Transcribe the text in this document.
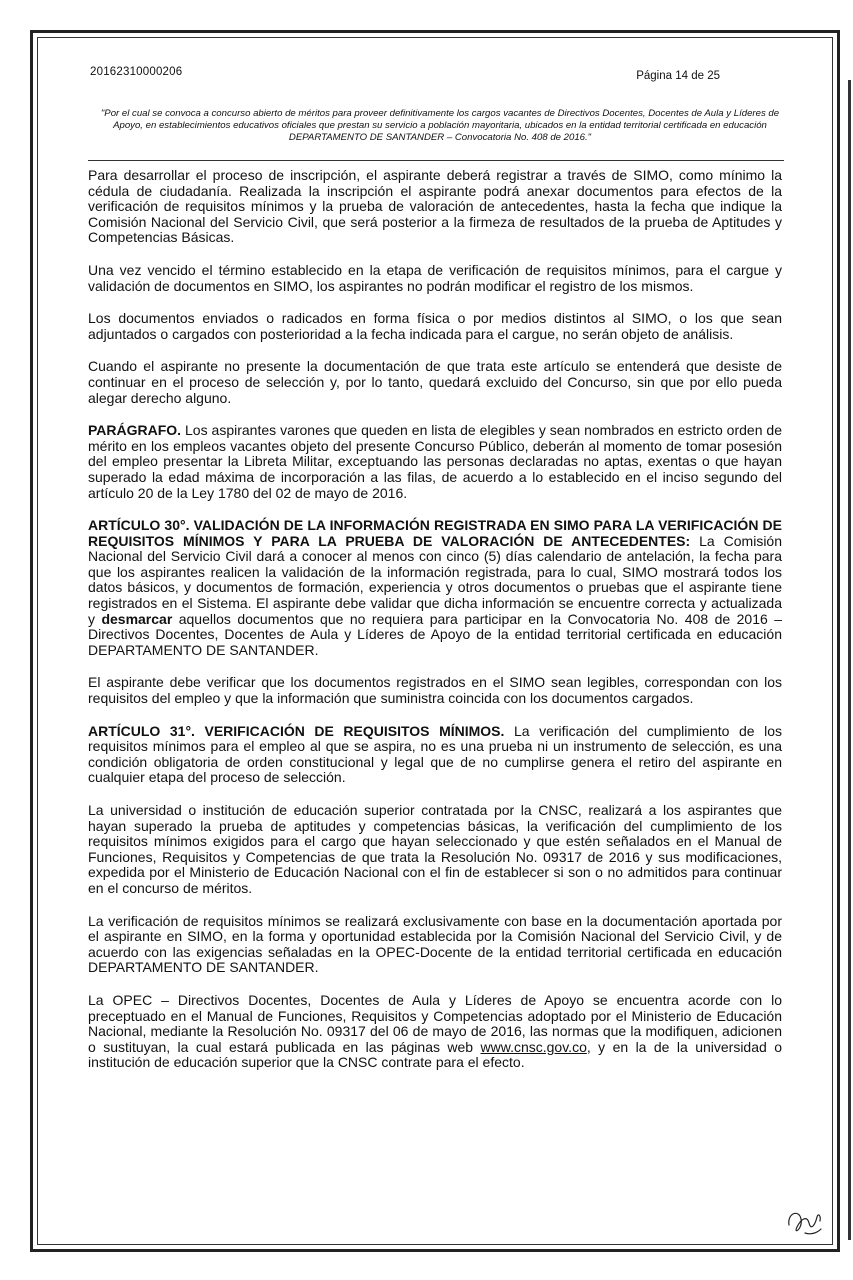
20162310000206	Página 14 de 25
"Por el cual se convoca a concurso abierto de méritos para proveer definitivamente los cargos vacantes de Directivos Docentes, Docentes de Aula y Líderes de Apoyo, en establecimientos educativos oficiales que prestan su servicio a población mayoritaria, ubicados en la entidad territorial certificada en educación DEPARTAMENTO DE SANTANDER – Convocatoria No. 408 de 2016."

Para desarrollar el proceso de inscripción, el aspirante deberá registrar a través de SIMO, como mínimo la cédula de ciudadanía. Realizada la inscripción el aspirante podrá anexar documentos para efectos de la verificación de requisitos mínimos y la prueba de valoración de antecedentes, hasta la fecha que indique la Comisión Nacional del Servicio Civil, que será posterior a la firmeza de resultados de la prueba de Aptitudes y Competencias Básicas.

Una vez vencido el término establecido en la etapa de verificación de requisitos mínimos, para el cargue y validación de documentos en SIMO, los aspirantes no podrán modificar el registro de los mismos.

Los documentos enviados o radicados en forma física o por medios distintos al SIMO, o los que sean adjuntados o cargados con posterioridad a la fecha indicada para el cargue, no serán objeto de análisis.

Cuando el aspirante no presente la documentación de que trata este artículo se entenderá que desiste de continuar en el proceso de selección y, por lo tanto, quedará excluido del Concurso, sin que por ello pueda alegar derecho alguno.

PARÁGRAFO. Los aspirantes varones que queden en lista de elegibles y sean nombrados en estricto orden de mérito en los empleos vacantes objeto del presente Concurso Público, deberán al momento de tomar posesión del empleo presentar la Libreta Militar, exceptuando las personas declaradas no aptas, exentas o que hayan superado la edad máxima de incorporación a las filas, de acuerdo a lo establecido en el inciso segundo del artículo 20 de la Ley 1780 del 02 de mayo de 2016.

ARTÍCULO 30°. VALIDACIÓN DE LA INFORMACIÓN REGISTRADA EN SIMO PARA LA VERIFICACIÓN DE REQUISITOS MÍNIMOS Y PARA LA PRUEBA DE VALORACIÓN DE ANTECEDENTES: La Comisión Nacional del Servicio Civil dará a conocer al menos con cinco (5) días calendario de antelación, la fecha para que los aspirantes realicen la validación de la información registrada, para lo cual, SIMO mostrará todos los datos básicos, y documentos de formación, experiencia y otros documentos o pruebas que el aspirante tiene registrados en el Sistema. El aspirante debe validar que dicha información se encuentre correcta y actualizada y desmarcar aquellos documentos que no requiera para participar en la Convocatoria No. 408 de 2016 – Directivos Docentes, Docentes de Aula y Líderes de Apoyo de la entidad territorial certificada en educación DEPARTAMENTO DE SANTANDER.

El aspirante debe verificar que los documentos registrados en el SIMO sean legibles, correspondan con los requisitos del empleo y que la información que suministra coincida con los documentos cargados.

ARTÍCULO 31°. VERIFICACIÓN DE REQUISITOS MÍNIMOS. La verificación del cumplimiento de los requisitos mínimos para el empleo al que se aspira, no es una prueba ni un instrumento de selección, es una condición obligatoria de orden constitucional y legal que de no cumplirse genera el retiro del aspirante en cualquier etapa del proceso de selección.

La universidad o institución de educación superior contratada por la CNSC, realizará a los aspirantes que hayan superado la prueba de aptitudes y competencias básicas, la verificación del cumplimiento de los requisitos mínimos exigidos para el cargo que hayan seleccionado y que estén señalados en el Manual de Funciones, Requisitos y Competencias de que trata la Resolución No. 09317 de 2016 y sus modificaciones, expedida por el Ministerio de Educación Nacional con el fin de establecer si son o no admitidos para continuar en el concurso de méritos.

La verificación de requisitos mínimos se realizará exclusivamente con base en la documentación aportada por el aspirante en SIMO, en la forma y oportunidad establecida por la Comisión Nacional del Servicio Civil, y de acuerdo con las exigencias señaladas en la OPEC-Docente de la entidad territorial certificada en educación DEPARTAMENTO DE SANTANDER.

La OPEC – Directivos Docentes, Docentes de Aula y Líderes de Apoyo se encuentra acorde con lo preceptuado en el Manual de Funciones, Requisitos y Competencias adoptado por el Ministerio de Educación Nacional, mediante la Resolución No. 09317 del 06 de mayo de 2016, las normas que la modifiquen, adicionen o sustituyan, la cual estará publicada en las páginas web www.cnsc.gov.co, y en la de la universidad o institución de educación superior que la CNSC contrate para el efecto.
